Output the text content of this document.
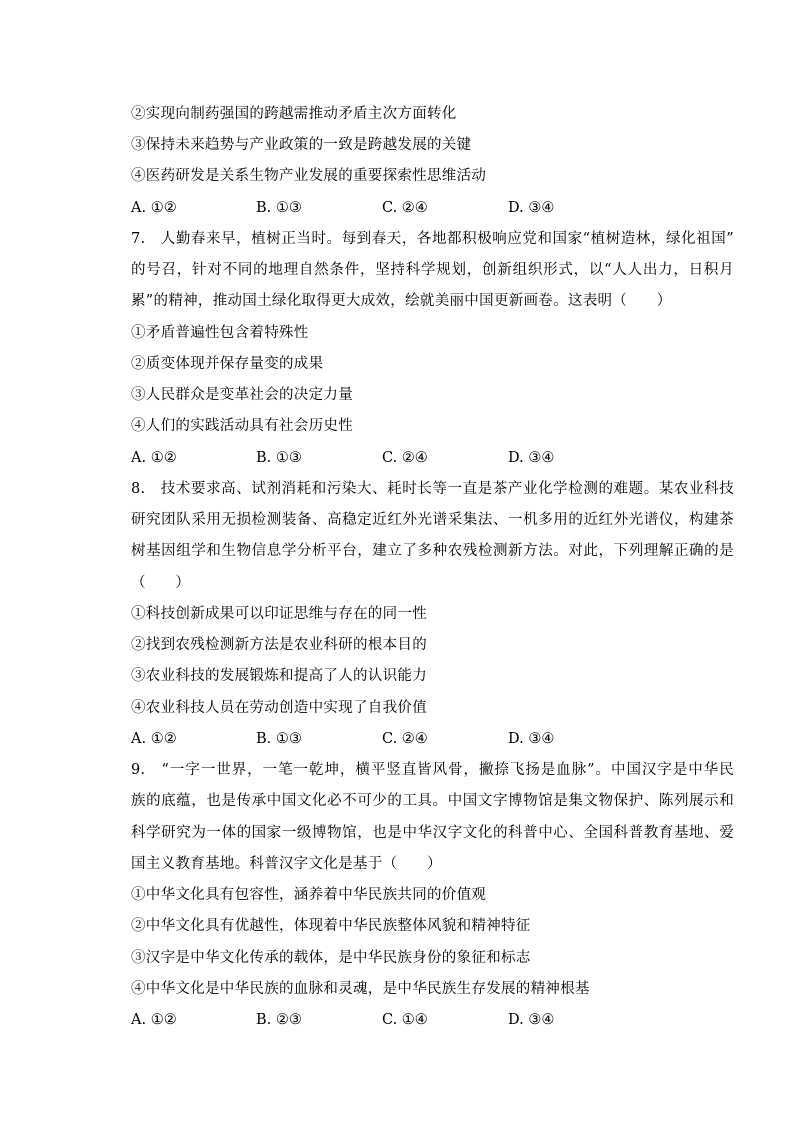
②实现向制药强国的跨越需推动矛盾主次方面转化
③保持未来趋势与产业政策的一致是跨越发展的关键
④医药研发是关系生物产业发展的重要探索性思维活动
A. ①②	B. ①③	C. ②④	D. ③④
7.　人勤春来早，植树正当时。每到春天，各地都积极响应党和国家“植树造林，绿化祖国”
的号召，针对不同的地理自然条件，坚持科学规划，创新组织形式，以“人人出力，日积月
累”的精神，推动国土绿化取得更大成效，绘就美丽中国更新画卷。这表明（　　）
①矛盾普遍性包含着特殊性
②质变体现并保存量变的成果
③人民群众是变革社会的决定力量
④人们的实践活动具有社会历史性
A. ①②	B. ①③	C. ②④	D. ③④
8.　技术要求高、试剂消耗和污染大、耗时长等一直是茶产业化学检测的难题。某农业科技
研究团队采用无损检测装备、高稳定近红外光谱采集法、一机多用的近红外光谱仪，构建茶
树基因组学和生物信息学分析平台，建立了多种农残检测新方法。对此，下列理解正确的是
（　　）
①科技创新成果可以印证思维与存在的同一性
②找到农残检测新方法是农业科研的根本目的
③农业科技的发展锻炼和提高了人的认识能力
④农业科技人员在劳动创造中实现了自我价值
A. ①②	B. ①③	C. ②④	D. ③④
9.　“一字一世界，一笔一乾坤，横平竖直皆风骨，撇捺飞扬是血脉”。中国汉字是中华民
族的底蕴，也是传承中国文化必不可少的工具。中国文字博物馆是集文物保护、陈列展示和
科学研究为一体的国家一级博物馆，也是中华汉字文化的科普中心、全国科普教育基地、爱
国主义教育基地。科普汉字文化是基于（　　）
①中华文化具有包容性，涵养着中华民族共同的价值观
②中华文化具有优越性，体现着中华民族整体风貌和精神特征
③汉字是中华文化传承的载体，是中华民族身份的象征和标志
④中华文化是中华民族的血脉和灵魂，是中华民族生存发展的精神根基
A. ①②	B. ②③	C. ①④	D. ③④
